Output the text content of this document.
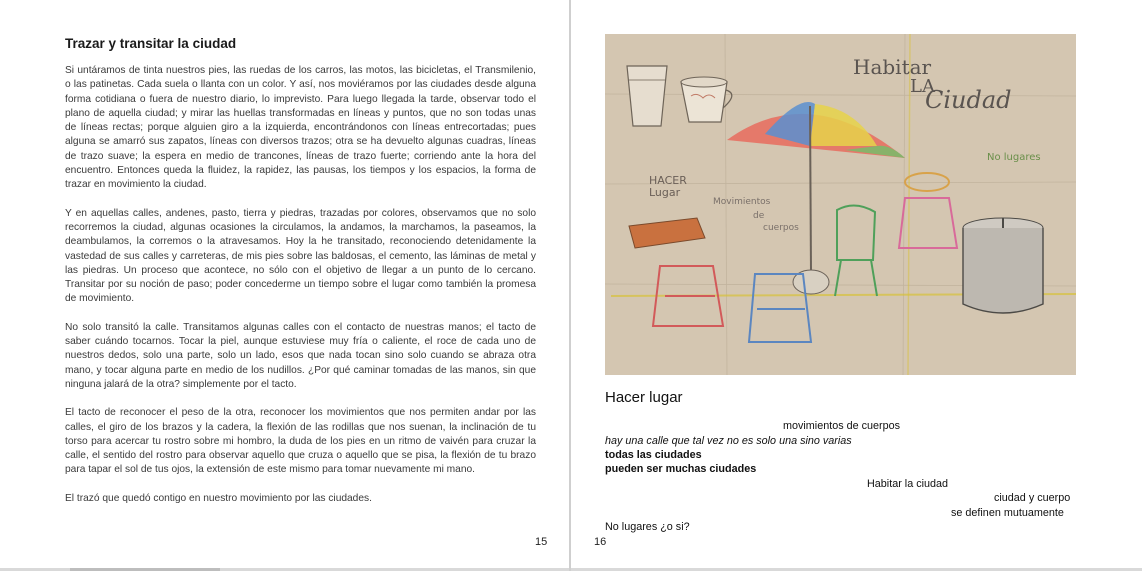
Trazar y transitar la ciudad

Si untáramos de tinta nuestros pies, las ruedas de los carros, las motos, las bicicletas, el Transmilenio, o las patinetas. Cada suela o llanta con un color. Y así, nos moviéramos por las ciudades desde alguna forma cotidiana o fuera de nuestro diario, lo imprevisto. Para luego llegada la tarde, observar todo el plano de aquella ciudad; y mirar las huellas transformadas en líneas y puntos, que no son todas unas de líneas rectas; porque alguien giro a la izquierda, encontrándonos con líneas entrecortadas; pues alguna se amarró sus zapatos, líneas con diversos trazos; otra se ha devuelto algunas cuadras, líneas de trazo suave; la espera en medio de trancones, líneas de trazo fuerte; corriendo ante la hora del encuentro. Entonces queda la fluidez, la rapidez, las pausas, los tiempos y los espacios, la forma de trazar en movimiento la ciudad.

Y en aquellas calles, andenes, pasto, tierra y piedras, trazadas por colores, observamos que no solo recorremos la ciudad, algunas ocasiones la circulamos, la andamos, la marchamos, la paseamos, la deambulamos, la corremos o la atravesamos. Hoy la he transitado, reconociendo detenidamente la vastedad de sus calles y carreteras, de mis pies sobre las baldosas, el cemento, las láminas de metal y las piedras. Un proceso que acontece, no sólo con el objetivo de llegar a un punto de lo cercano. Transitar por su noción de paso; poder concederme un tiempo sobre el lugar como también la promesa de movimiento.

No solo transitó la calle. Transitamos algunas calles con el contacto de nuestras manos; el tacto de saber cuándo tocarnos. Tocar la piel, aunque estuviese muy fría o caliente, el roce de cada uno de nuestros dedos, solo una parte, solo un lado, esos que nada tocan sino solo cuando se abraza otra mano, y tocar alguna parte en medio de los nudillos. ¿Por qué caminar tomadas de las manos, sin que ninguna jalará de la otra? simplemente por el tacto.

El tacto de reconocer el peso de la otra, reconocer los movimientos que nos permiten andar por las calles, el giro de los brazos y la cadera, la flexión de las rodillas que nos suenan, la inclinación de tu torso para acercar tu rostro sobre mi hombro, la duda de los pies en un ritmo de vaivén para cruzar la calle, el sentido del rostro para observar aquello que cruza o aquello que se pisa, la flexión de tu brazo para tapar el sol de tus ojos, la extensión de este mismo para tomar nuevamente mi mano.

El trazó que quedó contigo en nuestro movimiento por las ciudades.

15
Habitar
LA
Ciudad
HACER
Lugar
No lugares
Movimientos
de
cuerpos
Hacer lugar
movimientos de cuerpos
hay una calle que tal vez no es solo una sino varias
todas las ciudades
pueden ser muchas ciudades
Habitar la ciudad
ciudad y cuerpo
se definen mutuamente
No lugares ¿o si?
16
